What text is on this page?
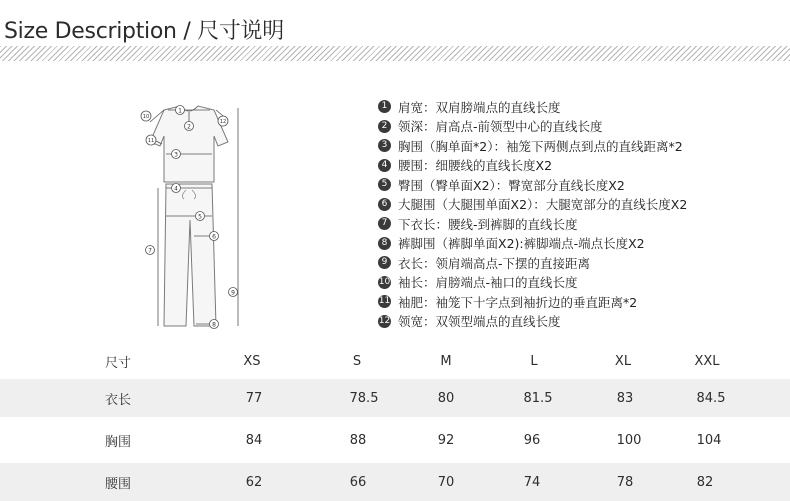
Size Description / 尺寸说明
1
2
3
4
5
6
7
8
9
10
11
12
1 肩宽：双肩膀端点的直线长度
2 领深：肩高点-前领型中心的直线长度
3 胸围（胸单面*2）：袖笼下两侧点到点的直线距离*2
4 腰围：细腰线的直线长度X2
5 臀围（臀单面X2）：臀宽部分直线长度X2
6 大腿围（大腿围单面X2）：大腿宽部分的直线长度X2
7 下衣长：腰线-到裤脚的直线长度
8 裤脚围（裤脚单面X2):裤脚端点-端点长度X2
9 衣长：领肩端高点-下摆的直接距离
10 袖长：肩膀端点-袖口的直线长度
11 袖肥：袖笼下十字点到袖折边的垂直距离*2
12 领宽：双领型端点的直线长度
尺寸	XS	S	M	L	XL	XXL
衣长	77	78.5	80	81.5	83	84.5
胸围	84	88	92	96	100	104
腰围	62	66	70	74	78	82
